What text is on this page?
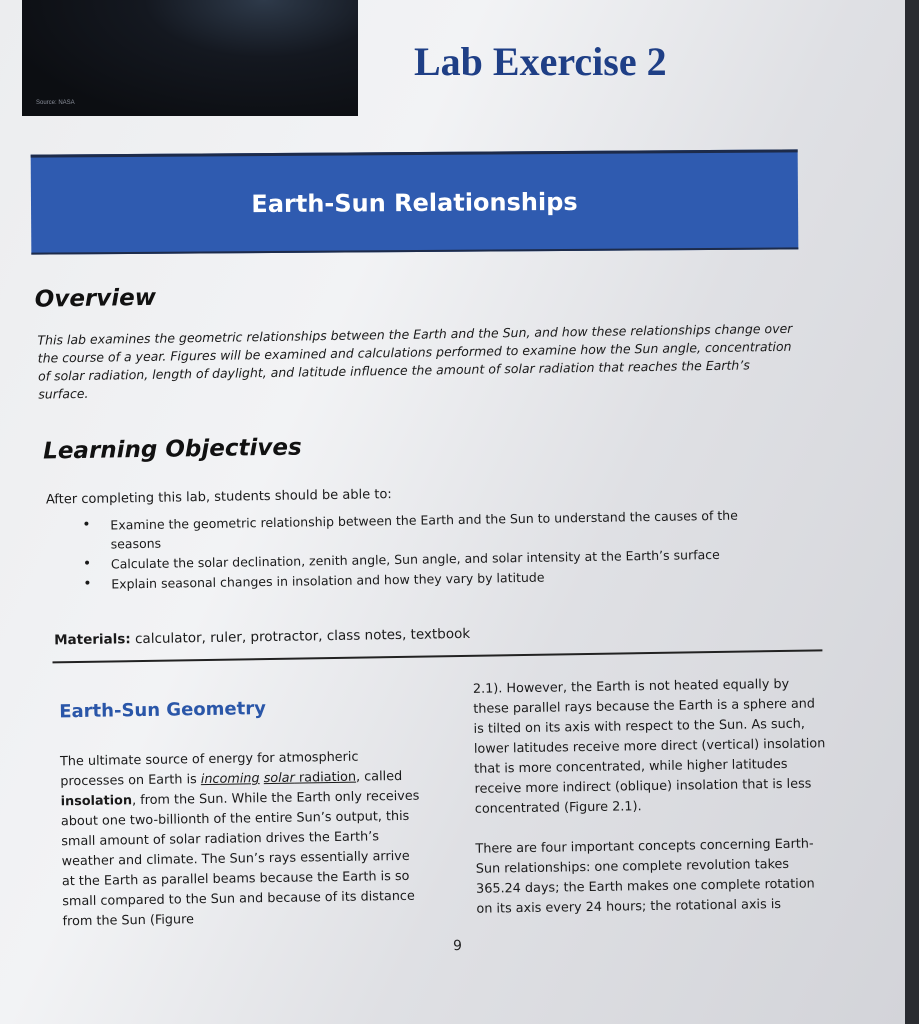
Source: NASA
Lab Exercise 2
Earth-Sun Relationships
Overview

This lab examines the geometric relationships between the Earth and the Sun, and how these relationships change over the course of a year. Figures will be examined and calculations performed to examine how the Sun angle, concentration of solar radiation, length of daylight, and latitude influence the amount of solar radiation that reaches the Earth’s surface.

Learning Objectives
After completing this lab, students should be able to:
• Examine the geometric relationship between the Earth and the Sun to understand the causes of the seasons
• Calculate the solar declination, zenith angle, Sun angle, and solar intensity at the Earth’s surface
• Explain seasonal changes in insolation and how they vary by latitude
Materials: calculator, ruler, protractor, class notes, textbook
Earth-Sun Geometry

The ultimate source of energy for atmospheric processes on Earth is incoming solar radiation, called insolation, from the Sun. While the Earth only receives about one two-billionth of the entire Sun’s output, this small amount of solar radiation drives the Earth’s weather and climate. The Sun’s rays essentially arrive at the Earth as parallel beams because the Earth is so small compared to the Sun and because of its distance from the Sun (Figure

2.1). However, the Earth is not heated equally by these parallel rays because the Earth is a sphere and is tilted on its axis with respect to the Sun. As such, lower latitudes receive more direct (vertical) insolation that is more concentrated, while higher latitudes receive more indirect (oblique) insolation that is less concentrated (Figure 2.1).

There are four important concepts concerning Earth-Sun relationships: one complete revolution takes 365.24 days; the Earth makes one complete rotation on its axis every 24 hours; the rotational axis is

9
